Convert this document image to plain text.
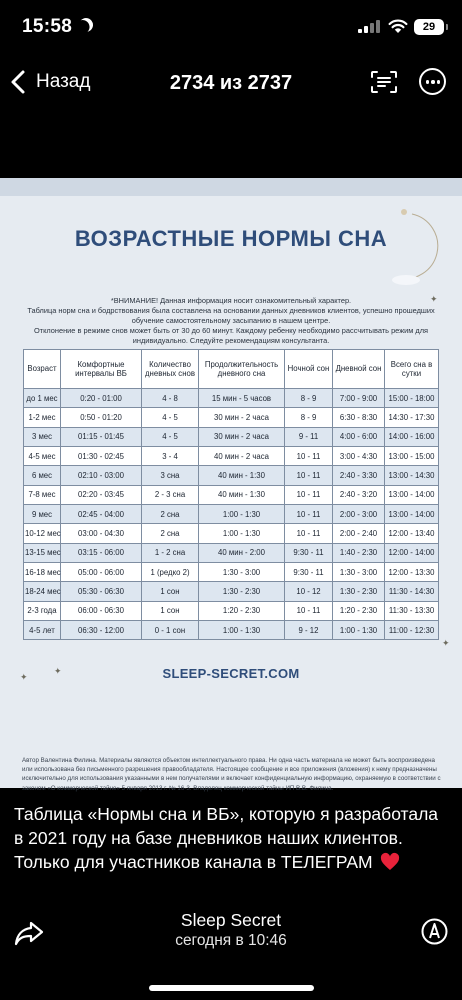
15:58	29
Назад	2734 из 2737
ВОЗРАСТНЫЕ НОРМЫ СНА
*ВНИМАНИЕ! Данная информация носит ознакомительный характер.
Таблица норм сна и бодрствования была составлена на основании данных дневников клиентов, успешно прошедших обучение самостоятельному засыпанию в нашем центре.
Отклонение в режиме снов может быть от 30 до 60 минут. Каждому ребенку необходимо рассчитывать режим для индивидуально. Следуйте рекомендациям консультанта.
Возраст	Комфортные интервалы ВБ	Количество дневных снов	Продолжительность дневного сна	Ночной сон	Дневной сон	Всего сна в сутки
до 1 мес	0:20 - 01:00	4 - 8	15 мин - 5 часов	8 - 9	7:00 - 9:00	15:00 - 18:00
1-2 мес	0:50 - 01:20	4 - 5	30 мин - 2 часа	8 - 9	6:30 - 8:30	14:30 - 17:30
3 мес	01:15 - 01:45	4 - 5	30 мин - 2 часа	9 - 11	4:00 - 6:00	14:00 - 16:00
4-5 мес	01:30 - 02:45	3 - 4	40 мин - 2 часа	10 - 11	3:00 - 4:30	13:00 - 15:00
6 мес	02:10 - 03:00	3 сна	40 мин - 1:30	10 - 11	2:40 - 3:30	13:00 - 14:30
7-8 мес	02:20 - 03:45	2 - 3 сна	40 мин - 1:30	10 - 11	2:40 - 3:20	13:00 - 14:00
9 мес	02:45 - 04:00	2 сна	1:00 - 1:30	10 - 11	2:00 - 3:00	13:00 - 14:00
10-12 мес	03:00 - 04:30	2 сна	1:00 - 1:30	10 - 11	2:00 - 2:40	12:00 - 13:40
13-15 мес	03:15 - 06:00	1 - 2 сна	40 мин - 2:00	9:30 - 11	1:40 - 2:30	12:00 - 14:00
16-18 мес	05:00 - 06:00	1 (редко 2)	1:30 - 3:00	9:30 - 11	1:30 - 3:00	12:00 - 13:30
18-24 мес	05:30 - 06:30	1 сон	1:30 - 2:30	10 - 12	1:30 - 2:30	11:30 - 14:30
2-3 года	06:00 - 06:30	1 сон	1:20 - 2:30	10 - 11	1:20 - 2:30	11:30 - 13:30
4-5 лет	06:30 - 12:00	0 - 1 сон	1:00 - 1:30	9 - 12	1:00 - 1:30	11:00 - 12:30
SLEEP-SECRET.COM
✦
✦
✦
✦
Автор Валентина Филина. Материалы являются объектом интеллектуального права. Ни одна часть материала не может быть воспроизведена или использована без письменного разрешения правообладателя. Настоящее сообщение и все приложения (вложения) к нему предназначены исключительно для использования указанными в нем получателями и включает конфиденциальную информацию, охраняемую в соответствии с законом «О коммерческой тайне» 5 января 2013 г. № 16-3. Владелец коммерческой тайны ИП В.В. Филина.
Таблица «Нормы сна и ВБ», которую я разработала в 2021 году на базе дневников наших клиентов. Только для участников канала в ТЕЛЕГРАМ
Sleep Secret
сегодня в 10:46
